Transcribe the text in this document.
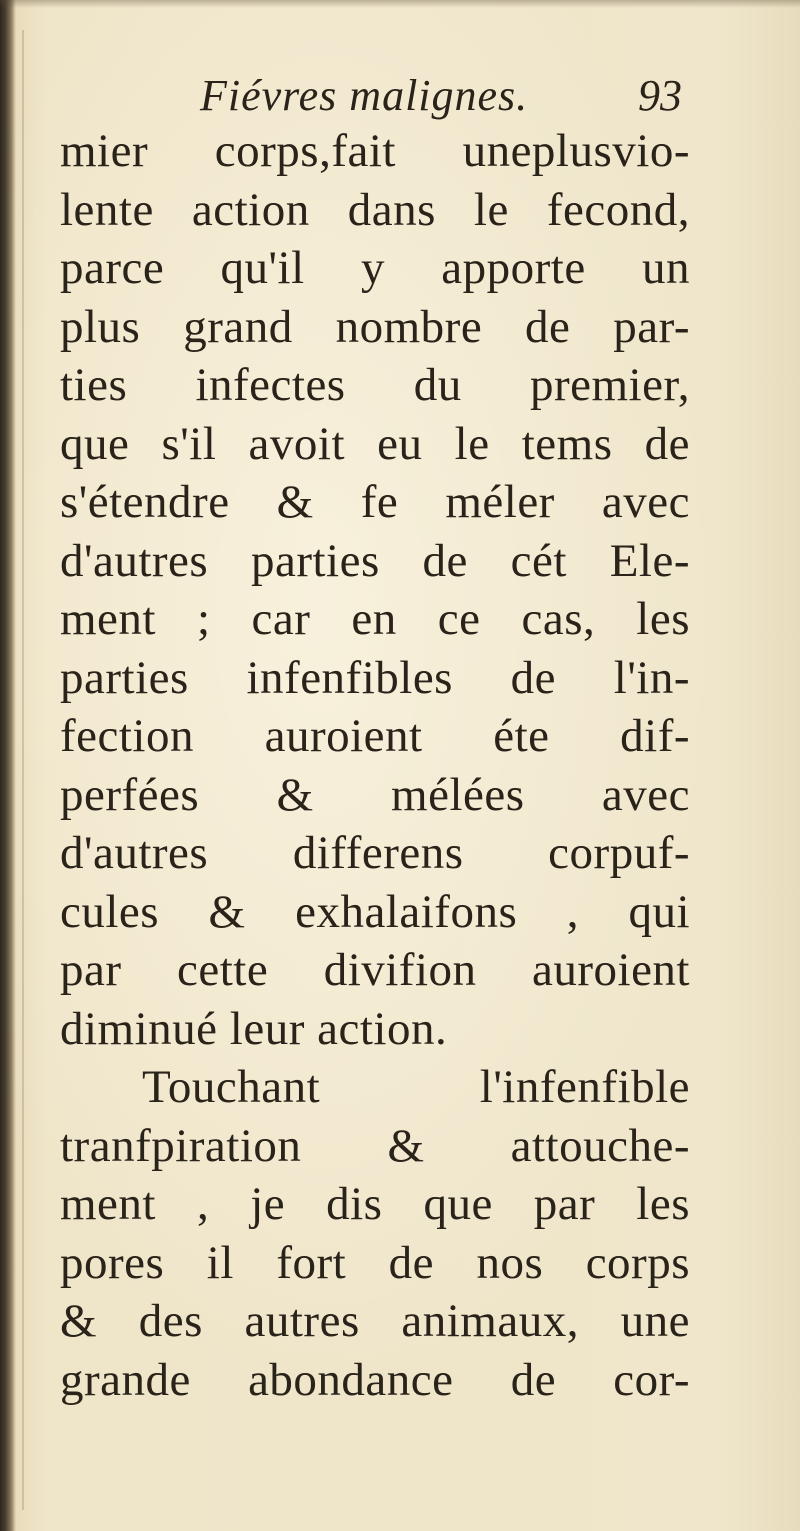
Fiévres malignes. 93
mier corps,fait uneplusvio-
lente action dans le fecond,
parce qu'il y apporte un
plus grand nombre de par-
ties infectes du premier,
que s'il avoit eu le tems de
s'étendre & fe méler avec
d'autres parties de cét Ele-
ment ; car en ce cas, les
parties infenfibles de l'in-
fection auroient éte dif-
perfées & mélées avec
d'autres differens corpuf-
cules & exhalaifons , qui
par cette divifion auroient
diminué leur action.
Touchant l'infenfible
tranfpiration & attouche-
ment , je dis que par les
pores il fort de nos corps
& des autres animaux, une
grande abondance de cor-
